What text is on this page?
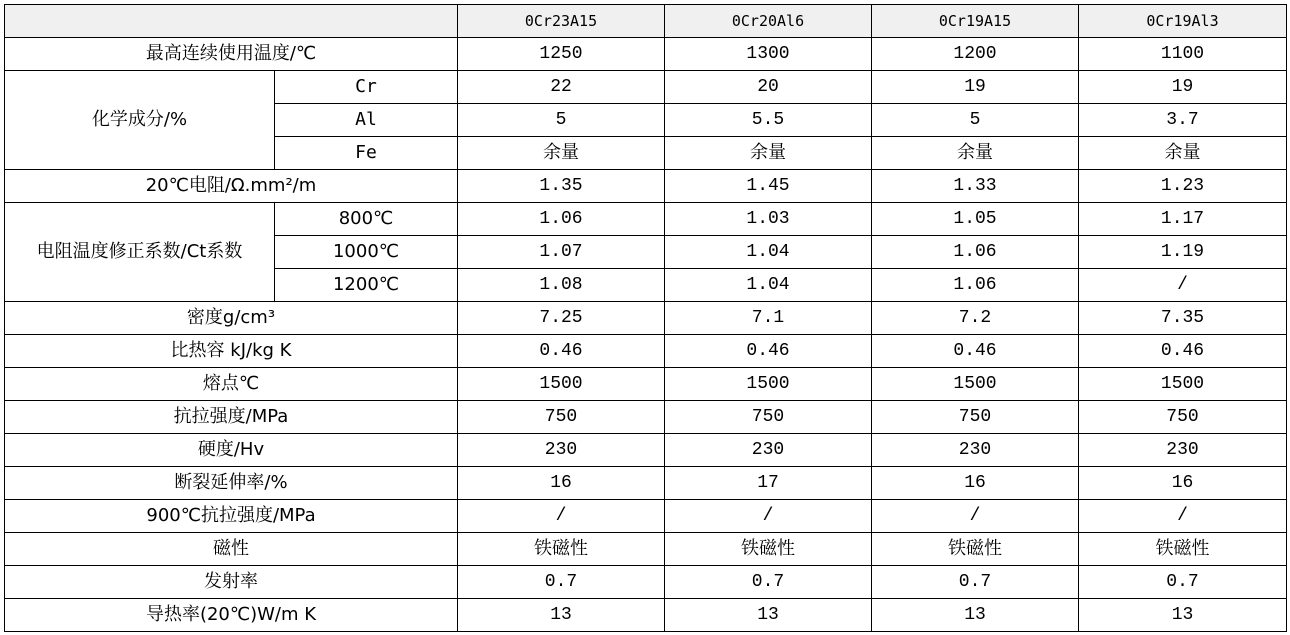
		0Cr23A15	0Cr20Al6	0Cr19A15	0Cr19Al3
最高连续使用温度/℃		1250	1300	1200	1100
化学成分/%	Cr	22	20	19	19
	Al	5	5.5	5	3.7
	Fe	余量	余量	余量	余量
20℃电阻/Ω.mm²/m		1.35	1.45	1.33	1.23
电阻温度修正系数/Ct系数	800℃	1.06	1.03	1.05	1.17
	1000℃	1.07	1.04	1.06	1.19
	1200℃	1.08	1.04	1.06	/
密度g/cm³		7.25	7.1	7.2	7.35
比热容 kJ/kg K		0.46	0.46	0.46	0.46
熔点℃		1500	1500	1500	1500
抗拉强度/MPa		750	750	750	750
硬度/Hv		230	230	230	230
断裂延伸率/%		16	17	16	16
900℃抗拉强度/MPa		/	/	/	/
磁性		铁磁性	铁磁性	铁磁性	铁磁性
发射率		0.7	0.7	0.7	0.7
导热率(20℃)W/m K		13	13	13	13
